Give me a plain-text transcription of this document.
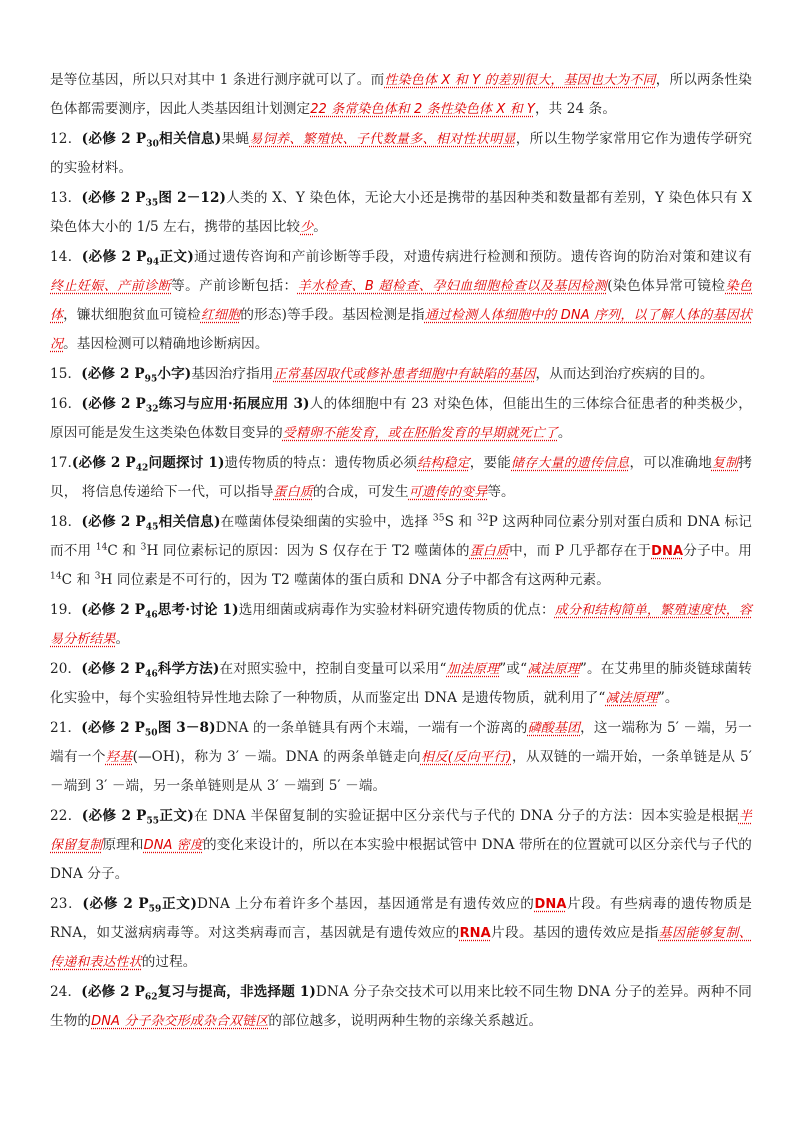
是等位基因，所以只对其中 1 条进行测序就可以了。而性染色体 X 和 Y 的差别很大，基因也大为不同，所以两条性染色体都需要测序，因此人类基因组计划测定22 条常染色体和 2 条性染色体 X 和 Y，共 24 条。
12．(必修 2 $P_{30}$相关信息)果蝇易饲养、繁殖快、子代数量多、相对性状明显，所以生物学家常用它作为遗传学研究的实验材料。
13．(必修 2 $P_{35}$图 2－12)人类的 X、Y 染色体，无论大小还是携带的基因种类和数量都有差别，Y 染色体只有 X 染色体大小的 1/5 左右，携带的基因比较少。
14．(必修 2 $P_{94}$正文)通过遗传咨询和产前诊断等手段，对遗传病进行检测和预防。遗传咨询的防治对策和建议有终止妊娠、产前诊断等。产前诊断包括：羊水检查、B 超检查、孕妇血细胞检查以及基因检测(染色体异常可镜检染色体，镰状细胞贫血可镜检红细胞的形态)等手段。基因检测是指通过检测人体细胞中的 DNA 序列，以了解人体的基因状况。基因检测可以精确地诊断病因。
15．(必修 2 $P_{95}$小字)基因治疗指用正常基因取代或修补患者细胞中有缺陷的基因，从而达到治疗疾病的目的。
16．(必修 2 $P_{32}$练习与应用·拓展应用 3)人的体细胞中有 23 对染色体，但能出生的三体综合征患者的种类极少，原因可能是发生这类染色体数目变异的受精卵不能发育，或在胚胎发育的早期就死亡了。
17.(必修 2 $P_{42}$问题探讨 1)遗传物质的特点：遗传物质必须结构稳定，要能储存大量的遗传信息，可以准确地复制拷贝， 将信息传递给下一代，可以指导蛋白质的合成，可发生可遗传的变异等。
18．(必修 2 $P_{45}$相关信息)在噬菌体侵染细菌的实验中，选择 $^{35}$S 和 $^{32}$P 这两种同位素分别对蛋白质和 DNA 标记而不用 $^{14}$C 和 $^3$H 同位素标记的原因：因为 S 仅存在于 T2 噬菌体的蛋白质中，而 P 几乎都存在于DNA分子中。用 $^{14}$C 和 $^3$H 同位素是不可行的，因为 T2 噬菌体的蛋白质和 DNA 分子中都含有这两种元素。
19．(必修 2 $P_{46}$思考·讨论 1)选用细菌或病毒作为实验材料研究遗传物质的优点：成分和结构简单，繁殖速度快，容易分析结果。
20．(必修 2 $P_{46}$科学方法)在对照实验中，控制自变量可以采用“加法原理”或“减法原理”。在艾弗里的肺炎链球菌转化实验中，每个实验组特异性地去除了一种物质，从而鉴定出 DNA 是遗传物质，就利用了“减法原理”。
21．(必修 2 $P_{50}$图 3－8)DNA 的一条单链具有两个末端，一端有一个游离的磷酸基团，这一端称为 5′ －端，另一端有一个羟基(—OH)，称为 3′ －端。DNA 的两条单链走向相反(反向平行)，从双链的一端开始，一条单链是从 5′ －端到 3′ －端，另一条单链则是从 3′ －端到 5′ －端。
22．(必修 2 $P_{55}$正文)在 DNA 半保留复制的实验证据中区分亲代与子代的 DNA 分子的方法：因本实验是根据半保留复制原理和DNA 密度的变化来设计的，所以在本实验中根据试管中 DNA 带所在的位置就可以区分亲代与子代的 DNA 分子。
23．(必修 2 $P_{59}$正文)DNA 上分布着许多个基因，基因通常是有遗传效应的DNA片段。有些病毒的遗传物质是 RNA，如艾滋病病毒等。对这类病毒而言，基因就是有遗传效应的RNA片段。基因的遗传效应是指基因能够复制、传递和表达性状的过程。
24．(必修 2 $P_{62}$复习与提高，非选择题 1)DNA 分子杂交技术可以用来比较不同生物 DNA 分子的差异。两种不同生物的DNA 分子杂交形成杂合双链区的部位越多，说明两种生物的亲缘关系越近。
